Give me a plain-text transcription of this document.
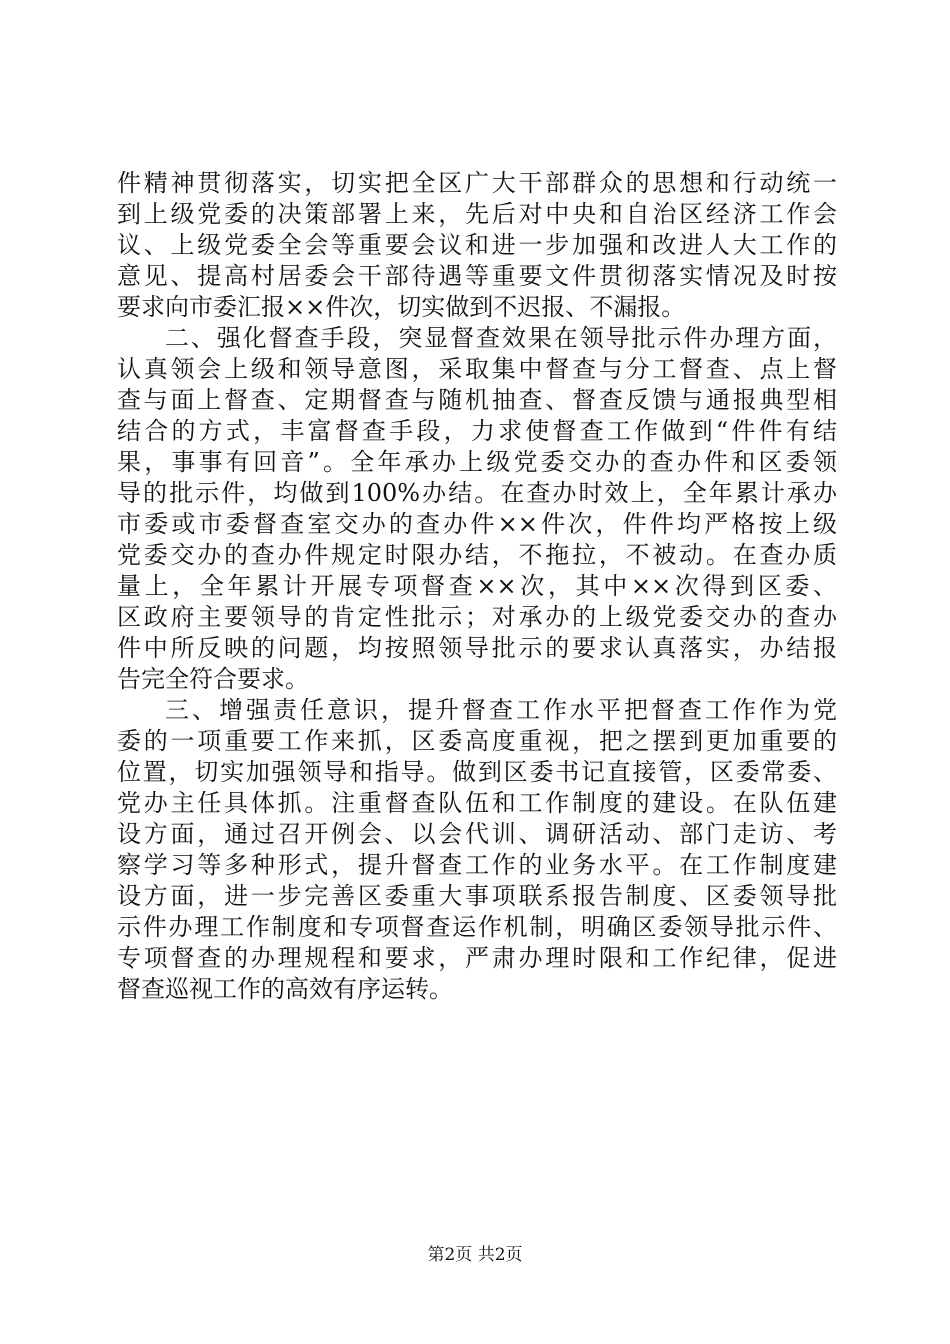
件精神贯彻落实，切实把全区广大干部群众的思想和行动统一
到上级党委的决策部署上来，先后对中央和自治区经济工作会
议、上级党委全会等重要会议和进一步加强和改进人大工作的
意见、提高村居委会干部待遇等重要文件贯彻落实情况及时按
要求向市委汇报××件次，切实做到不迟报、不漏报。
二、强化督查手段，突显督查效果在领导批示件办理方面，
认真领会上级和领导意图，采取集中督查与分工督查、点上督
查与面上督查、定期督查与随机抽查、督查反馈与通报典型相
结合的方式，丰富督查手段，力求使督查工作做到“件件有结
果，事事有回音”。全年承办上级党委交办的查办件和区委领
导的批示件，均做到100%办结。在查办时效上，全年累计承办
市委或市委督查室交办的查办件××件次，件件均严格按上级
党委交办的查办件规定时限办结，不拖拉，不被动。在查办质
量上，全年累计开展专项督查××次，其中××次得到区委、
区政府主要领导的肯定性批示；对承办的上级党委交办的查办
件中所反映的问题，均按照领导批示的要求认真落实，办结报
告完全符合要求。
三、增强责任意识，提升督查工作水平把督查工作作为党
委的一项重要工作来抓，区委高度重视，把之摆到更加重要的
位置，切实加强领导和指导。做到区委书记直接管，区委常委、
党办主任具体抓。注重督查队伍和工作制度的建设。在队伍建
设方面，通过召开例会、以会代训、调研活动、部门走访、考
察学习等多种形式，提升督查工作的业务水平。在工作制度建
设方面，进一步完善区委重大事项联系报告制度、区委领导批
示件办理工作制度和专项督查运作机制，明确区委领导批示件、
专项督查的办理规程和要求，严肃办理时限和工作纪律，促进
督查巡视工作的高效有序运转。
第2页 共2页
